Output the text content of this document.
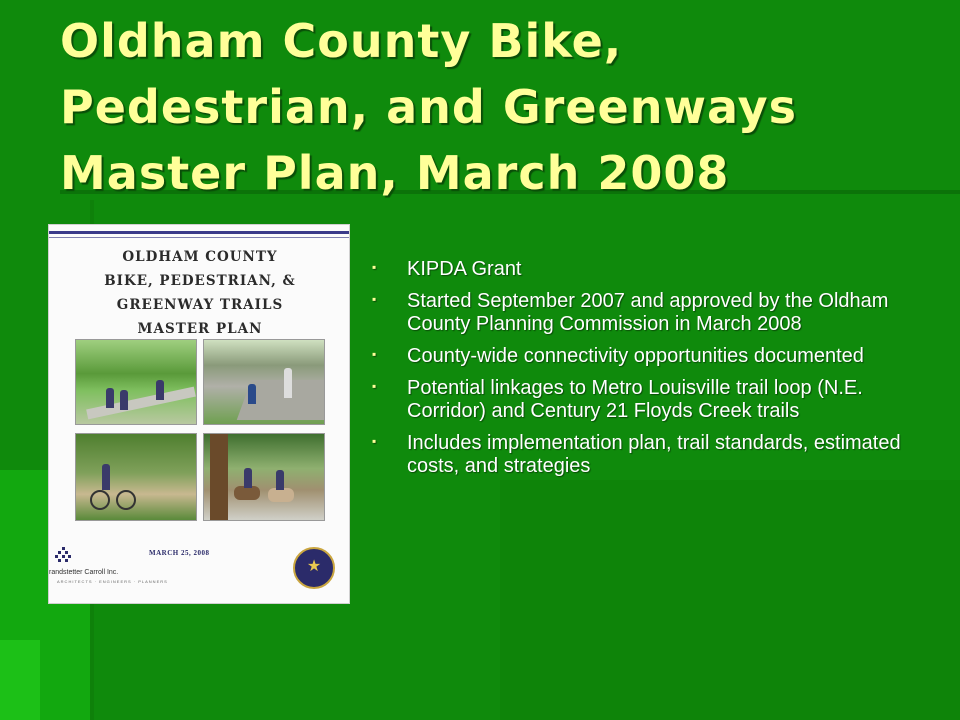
Oldham County Bike,
Pedestrian, and Greenways
Master Plan, March 2008
OLDHAM COUNTY
BIKE, PEDESTRIAN, &
GREENWAY TRAILS
MASTER PLAN
MARCH 25, 2008
randstetter Carroll Inc.
ARCHITECTS · ENGINEERS · PLANNERS
★
▪ KIPDA Grant
▪ Started September 2007 and approved by the Oldham County Planning Commission in March 2008
▪ County-wide connectivity opportunities documented
▪ Potential linkages to Metro Louisville trail loop (N.E. Corridor) and Century 21 Floyds Creek trails
▪ Includes implementation plan, trail standards, estimated costs, and strategies
